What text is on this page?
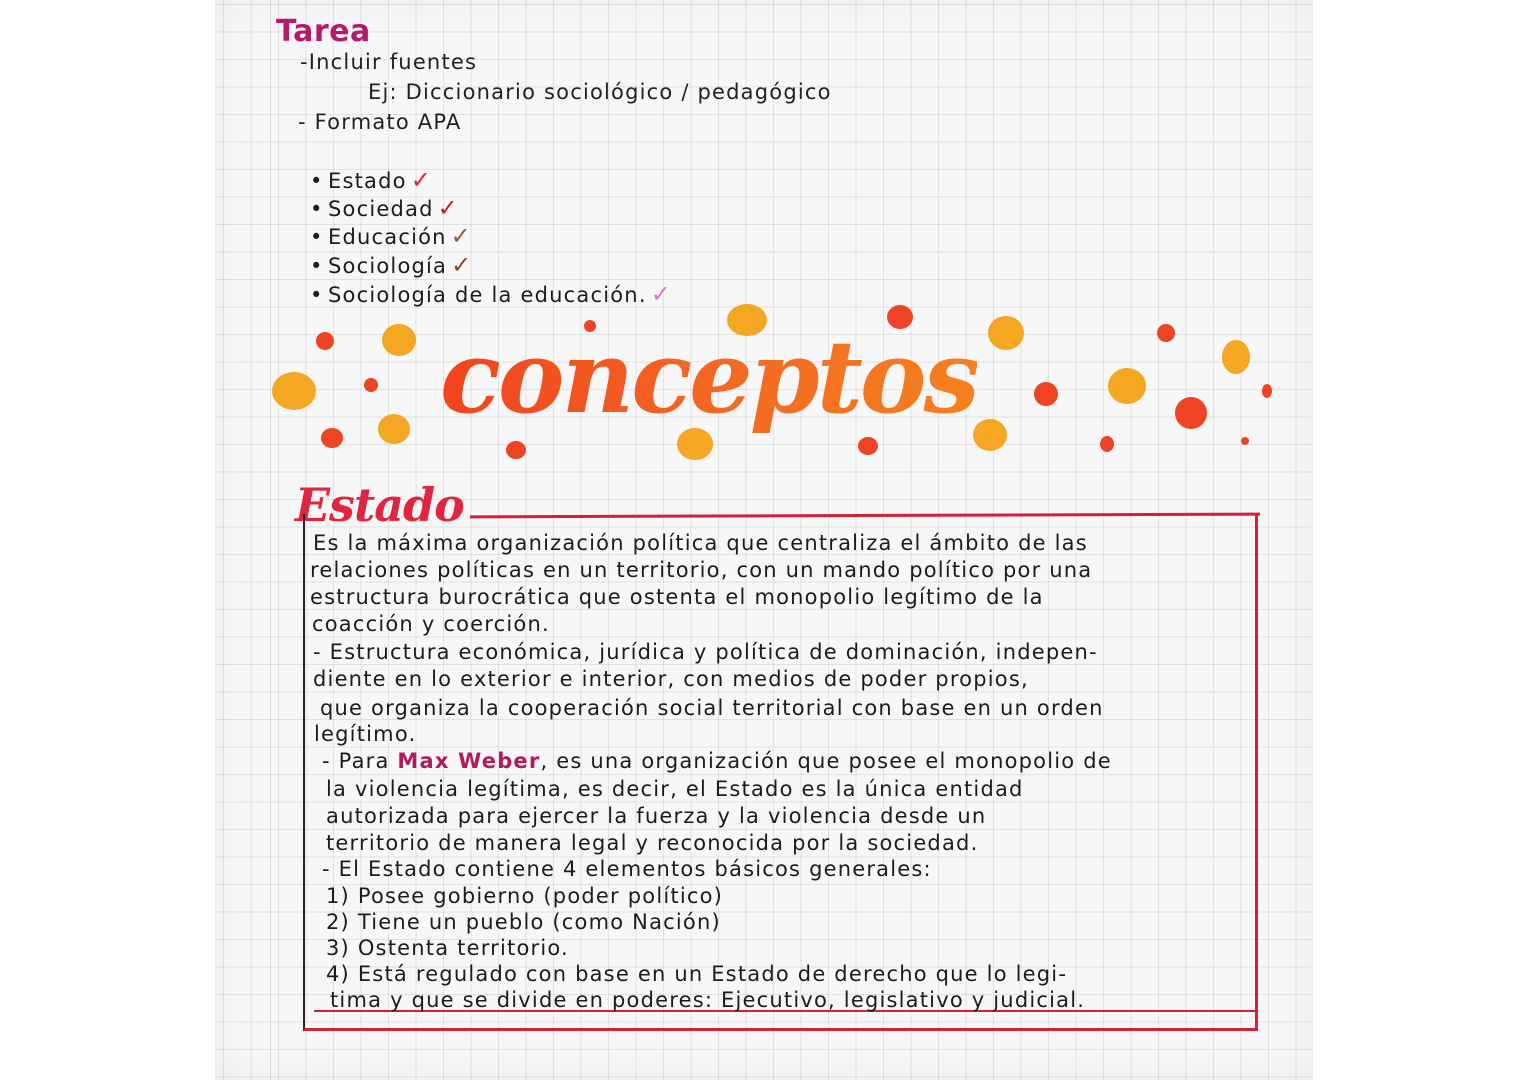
Tarea
-Incluir fuentes
Ej: Diccionario sociológico / pedagógico
- Formato APA
• Estado ✓
• Sociedad ✓
• Educación ✓
• Sociología ✓
• Sociología de la educación. ✓
conceptos
Estado
Es la máxima organización política que centraliza el ámbito de las
relaciones políticas en un territorio, con un mando político por una
estructura burocrática que ostenta el monopolio legítimo de la
coacción y coerción.
- Estructura económica, jurídica y política de dominación, indepen-
diente en lo exterior e interior, con medios de poder propios,
que organiza la cooperación social territorial con base en un orden
legítimo.
- Para Max Weber, es una organización que posee el monopolio de
la violencia legítima, es decir, el Estado es la única entidad
autorizada para ejercer la fuerza y la violencia desde un
territorio de manera legal y reconocida por la sociedad.
- El Estado contiene 4 elementos básicos generales:
1) Posee gobierno (poder político)
2) Tiene un pueblo (como Nación)
3) Ostenta territorio.
4) Está regulado con base en un Estado de derecho que lo legi-
tima y que se divide en poderes: Ejecutivo, legislativo y judicial.
